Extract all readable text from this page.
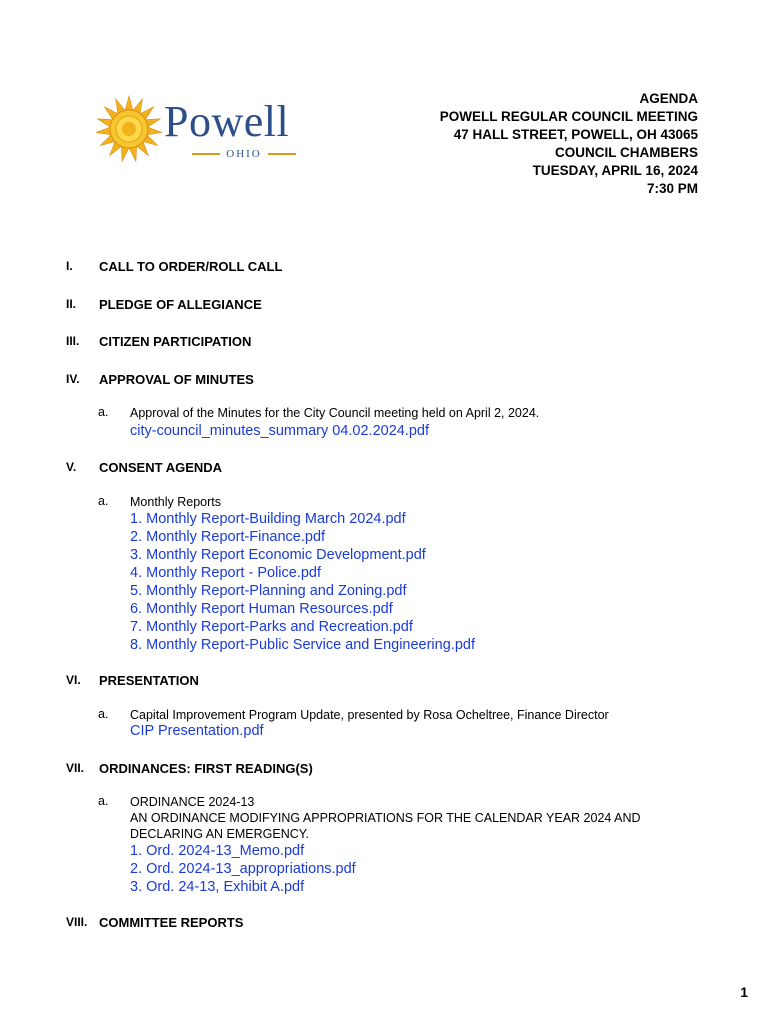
Powell
OHIO
AGENDA
POWELL REGULAR COUNCIL MEETING
47 HALL STREET, POWELL, OH 43065
COUNCIL CHAMBERS
TUESDAY, APRIL 16, 2024
7:30 PM
I.	CALL TO ORDER/ROLL CALL
II.	PLEDGE OF ALLEGIANCE
III.	CITIZEN PARTICIPATION
IV.	APPROVAL OF MINUTES
a.	Approval of the Minutes for the City Council meeting held on April 2, 2024.
city-council_minutes_summary 04.02.2024.pdf
V.	CONSENT AGENDA
a.	Monthly Reports
1. Monthly Report-Building March 2024.pdf
2. Monthly Report-Finance.pdf
3. Monthly Report Economic Development.pdf
4. Monthly Report - Police.pdf
5. Monthly Report-Planning and Zoning.pdf
6. Monthly Report Human Resources.pdf
7. Monthly Report-Parks and Recreation.pdf
8. Monthly Report-Public Service and Engineering.pdf
VI.	PRESENTATION
a.	Capital Improvement Program Update, presented by Rosa Ocheltree, Finance Director
CIP Presentation.pdf
VII.	ORDINANCES: FIRST READING(S)
a.	ORDINANCE 2024-13
AN ORDINANCE MODIFYING APPROPRIATIONS FOR THE CALENDAR YEAR 2024 AND
DECLARING AN EMERGENCY.
1. Ord. 2024-13_Memo.pdf
2. Ord. 2024-13_appropriations.pdf
3. Ord. 24-13, Exhibit A.pdf
VIII. COMMITTEE REPORTS
1
